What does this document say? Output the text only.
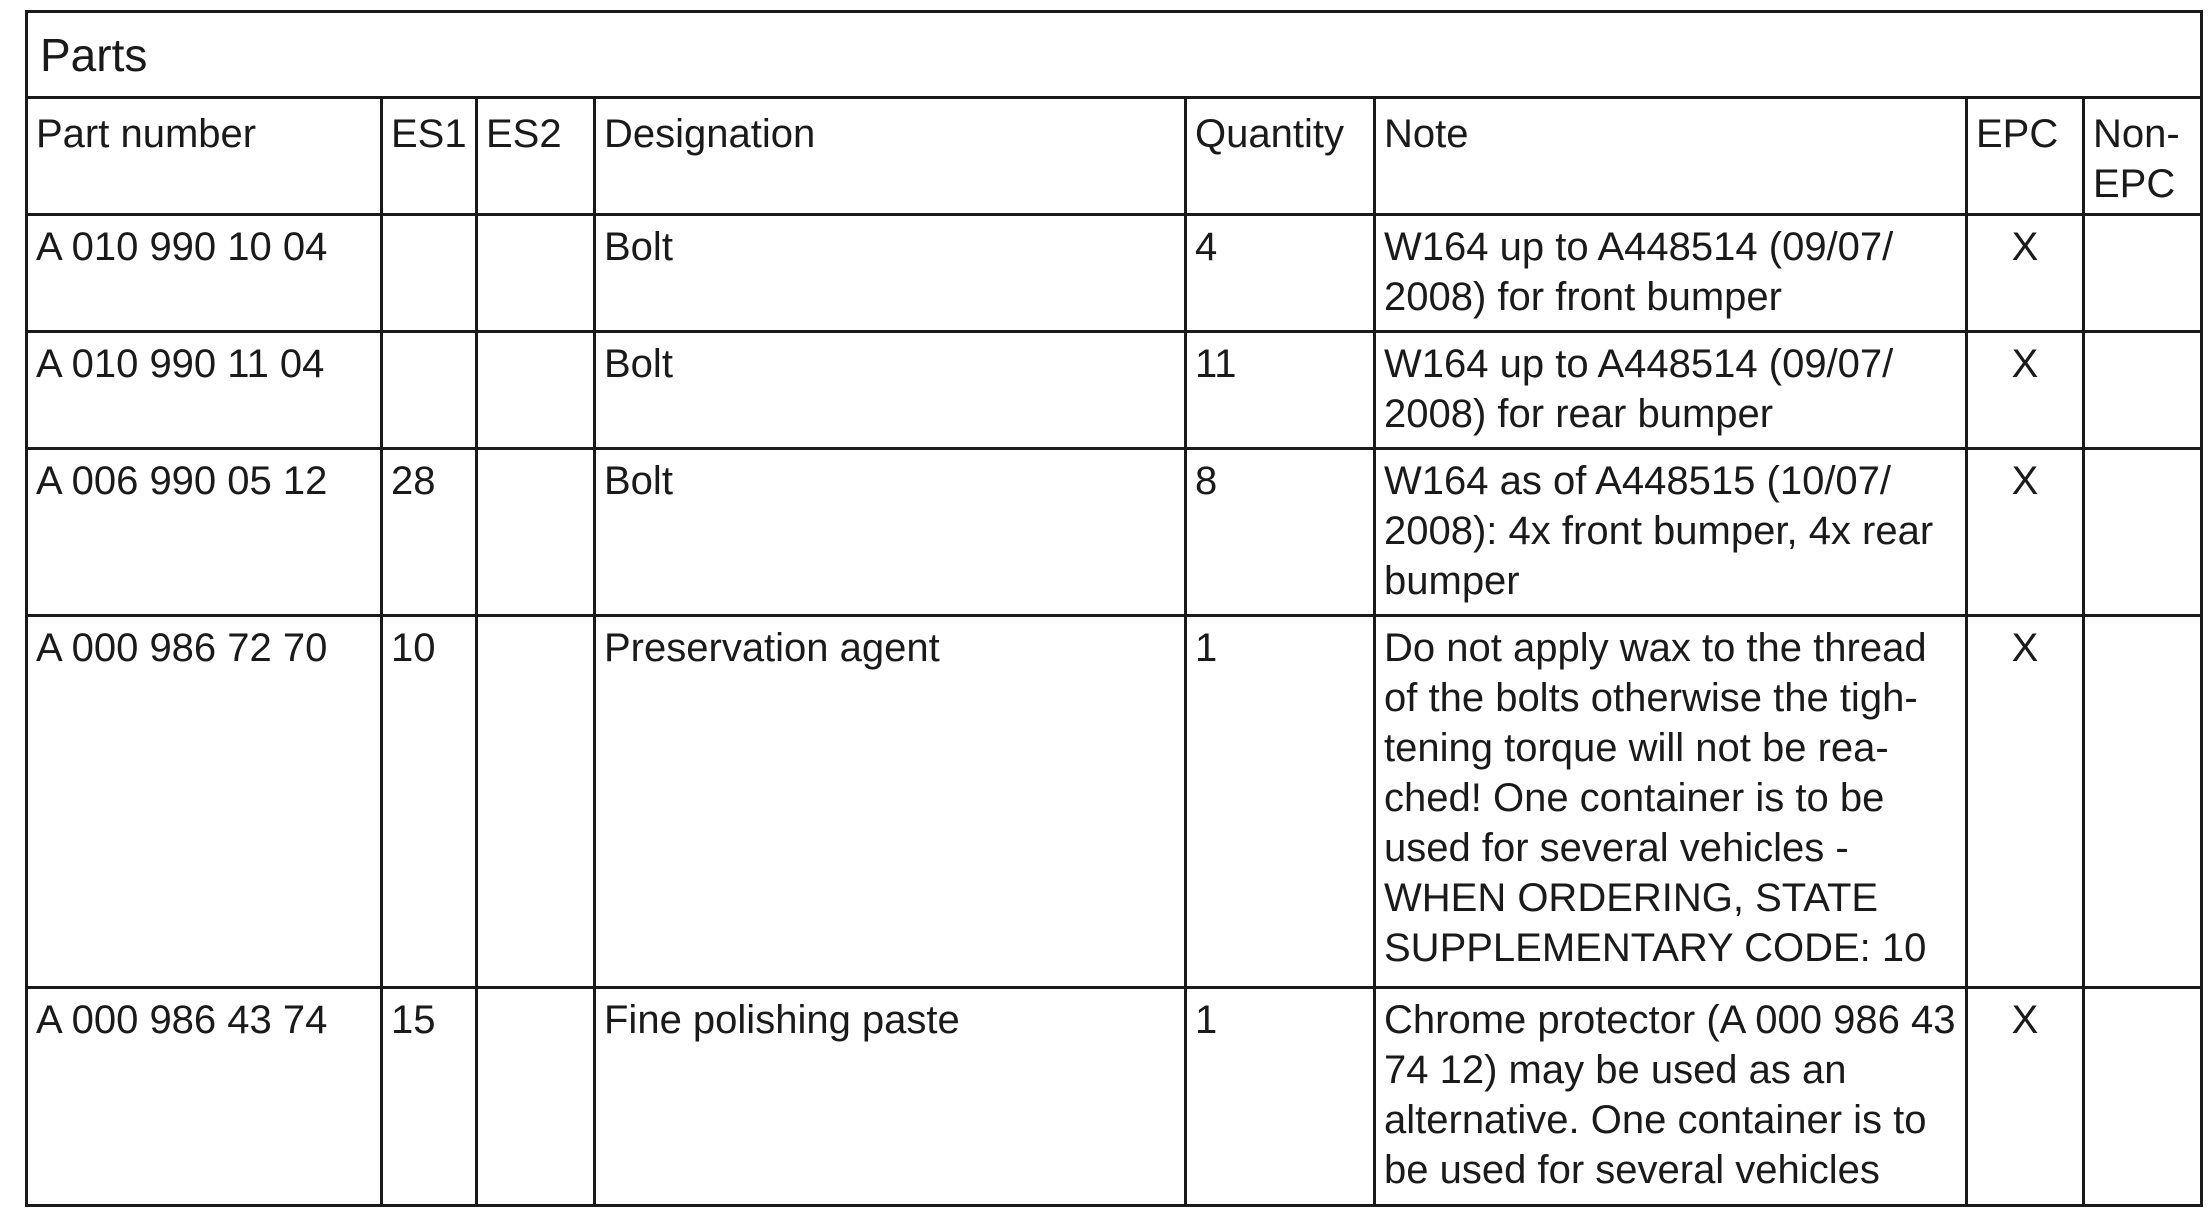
Parts							
Part number	ES1	ES2	Designation	Quantity	Note	EPC	Non-EPC
A 010 990 10 04			Bolt	4	W164 up to A448514 (09/07/ 2008) for front bumper	X	
A 010 990 11 04			Bolt	11	W164 up to A448514 (09/07/ 2008) for rear bumper	X	
A 006 990 05 12	28		Bolt	8	W164 as of A448515 (10/07/ 2008): 4x front bumper, 4x rear bumper	X	
A 000 986 72 70	10		Preservation agent	1	Do not apply wax to the thread of the bolts otherwise the tigh- tening torque will not be rea- ched! One container is to be used for several vehicles - WHEN ORDERING, STATE SUPPLEMENTARY CODE: 10	X	
A 000 986 43 74	15		Fine polishing paste	1	Chrome protector (A 000 986 43 74 12) may be used as an alternative. One container is to be used for several vehicles	X	
